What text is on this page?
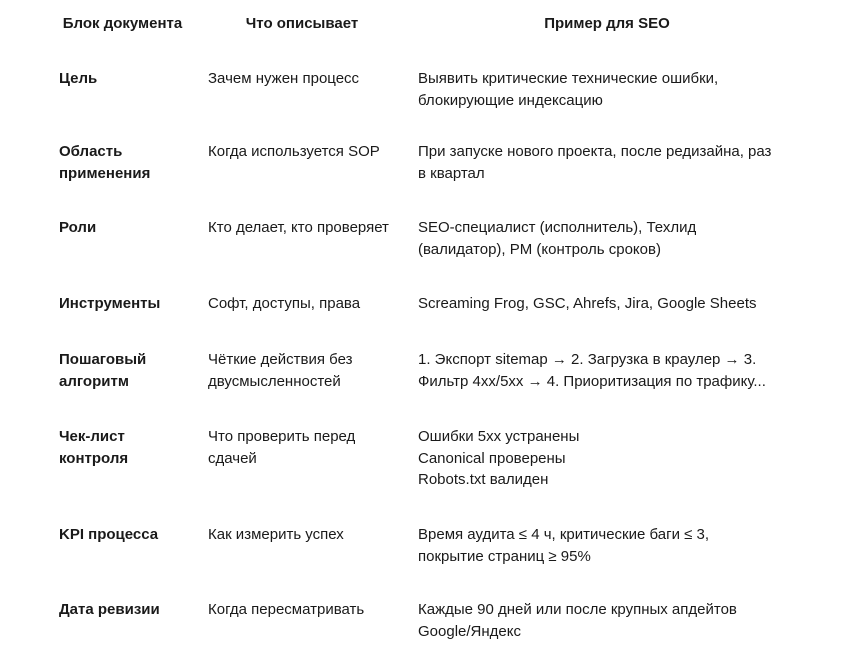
Блок документа	Что описывает	Пример для SEO
Цель	Зачем нужен процесс	Выявить критические технические ошибки,
блокирующие индексацию
Область
применения	Когда используется SOP	При запуске нового проекта, после редизайна, раз
в квартал
Роли	Кто делает, кто проверяет	SEO-специалист (исполнитель), Техлид
(валидатор), PM (контроль сроков)
Инструменты	Софт, доступы, права	Screaming Frog, GSC, Ahrefs, Jira, Google Sheets
Пошаговый
алгоритм	Чёткие действия без
двусмысленностей	1. Экспорт sitemap → 2. Загрузка в краулер → 3.
Фильтр 4xx/5xx → 4. Приоритизация по трафику...
Чек-лист
контроля	Что проверить перед
сдачей	Ошибки 5xx устранены
Canonical проверены
Robots.txt валиден
KPI процесса	Как измерить успех	Время аудита ≤ 4 ч, критические баги ≤ 3,
покрытие страниц ≥ 95%
Дата ревизии	Когда пересматривать	Каждые 90 дней или после крупных апдейтов
Google/Яндекс
